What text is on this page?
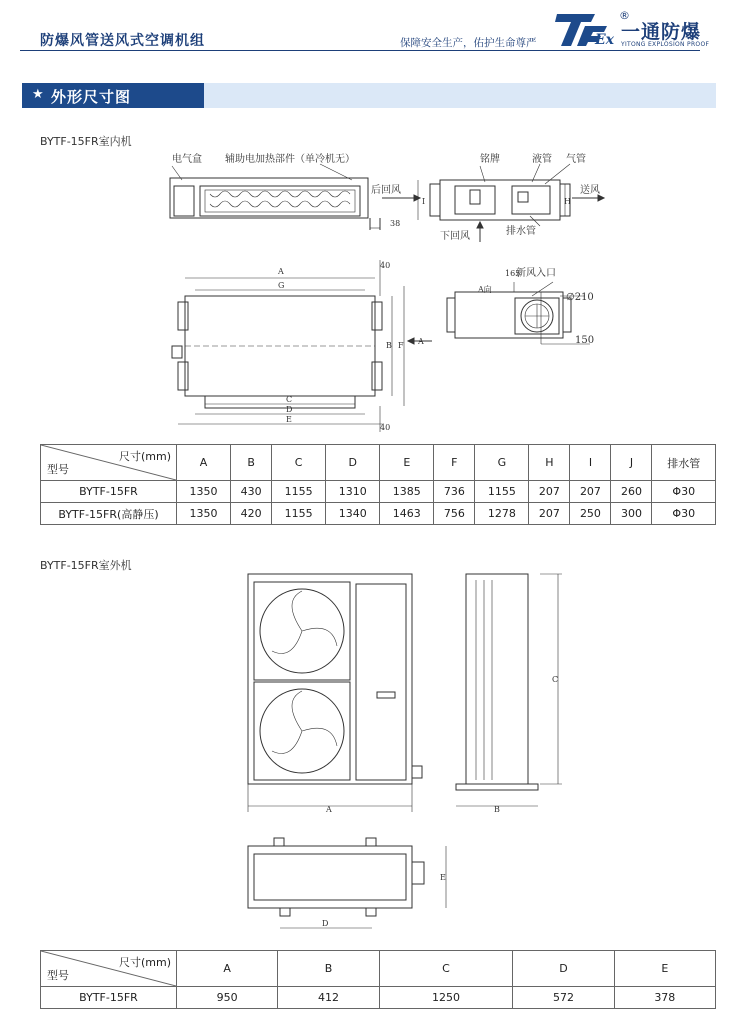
防爆风管送风式空调机组	保障安全生产，佑护生命尊严	Ex
®
一通防爆
YITONG EXPLOSION PROOF
★ 外形尺寸图
BYTF-15FR室内机
电气盒 辅助电加热部件（单冷机无）
后回风
铭牌	液管 气管
送风
下回风	排水管
38
H
I
A
G
B F
C
D
E
40
40
A
新风入口
A向
∅210
150
165
A	B
C
D
E
尺寸(mm)
型号	A	B	C	D	E	F	G	H	I	J	排水管
BYTF-15FR	1350	430	1155	1310	1385	736	1155	207	207	260	Φ30
BYTF-15FR(高静压)	1350	420	1155	1340	1463	756	1278	207	250	300	Φ30
BYTF-15FR室外机
尺寸(mm)
型号	A	B	C	D	E
BYTF-15FR	950	412	1250	572	378
